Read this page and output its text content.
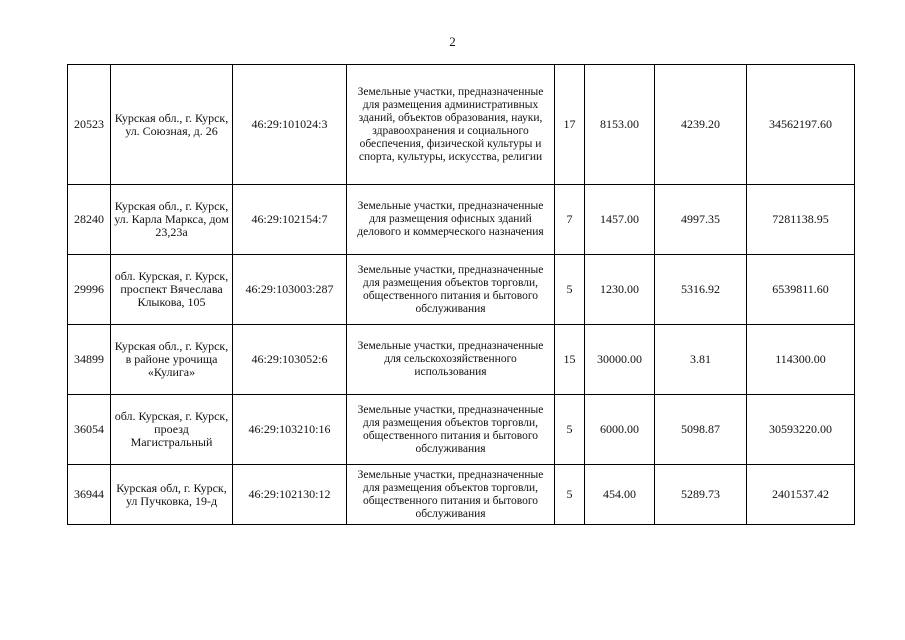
2
20523	Курская обл., г. Курск, ул. Союзная, д. 26	46:29:101024:3	Земельные участки, предназначенные для размещения административных зданий, объектов образования, науки, здравоохранения и социального обеспечения, физической культуры и спорта, культуры, искусства, религии	17	8153.00	4239.20	34562197.60
28240	Курская обл., г. Курск, ул. Карла Маркса, дом 23,23а	46:29:102154:7	Земельные участки, предназначенные для размещения офисных зданий делового и коммерческого назначения	7	1457.00	4997.35	7281138.95
29996	обл. Курская, г. Курск, проспект Вячеслава Клыкова, 105	46:29:103003:287	Земельные участки, предназначенные для размещения объектов торговли, общественного питания и бытового обслуживания	5	1230.00	5316.92	6539811.60
34899	Курская обл., г. Курск, в районе урочища «Кулига»	46:29:103052:6	Земельные участки, предназначенные для сельскохозяйственного использования	15	30000.00	3.81	114300.00
36054	обл. Курская, г. Курск, проезд Магистральный	46:29:103210:16	Земельные участки, предназначенные для размещения объектов торговли, общественного питания и бытового обслуживания	5	6000.00	5098.87	30593220.00
36944	Курская обл, г. Курск, ул Пучковка, 19-д	46:29:102130:12	Земельные участки, предназначенные для размещения объектов торговли, общественного питания и бытового обслуживания	5	454.00	5289.73	2401537.42
